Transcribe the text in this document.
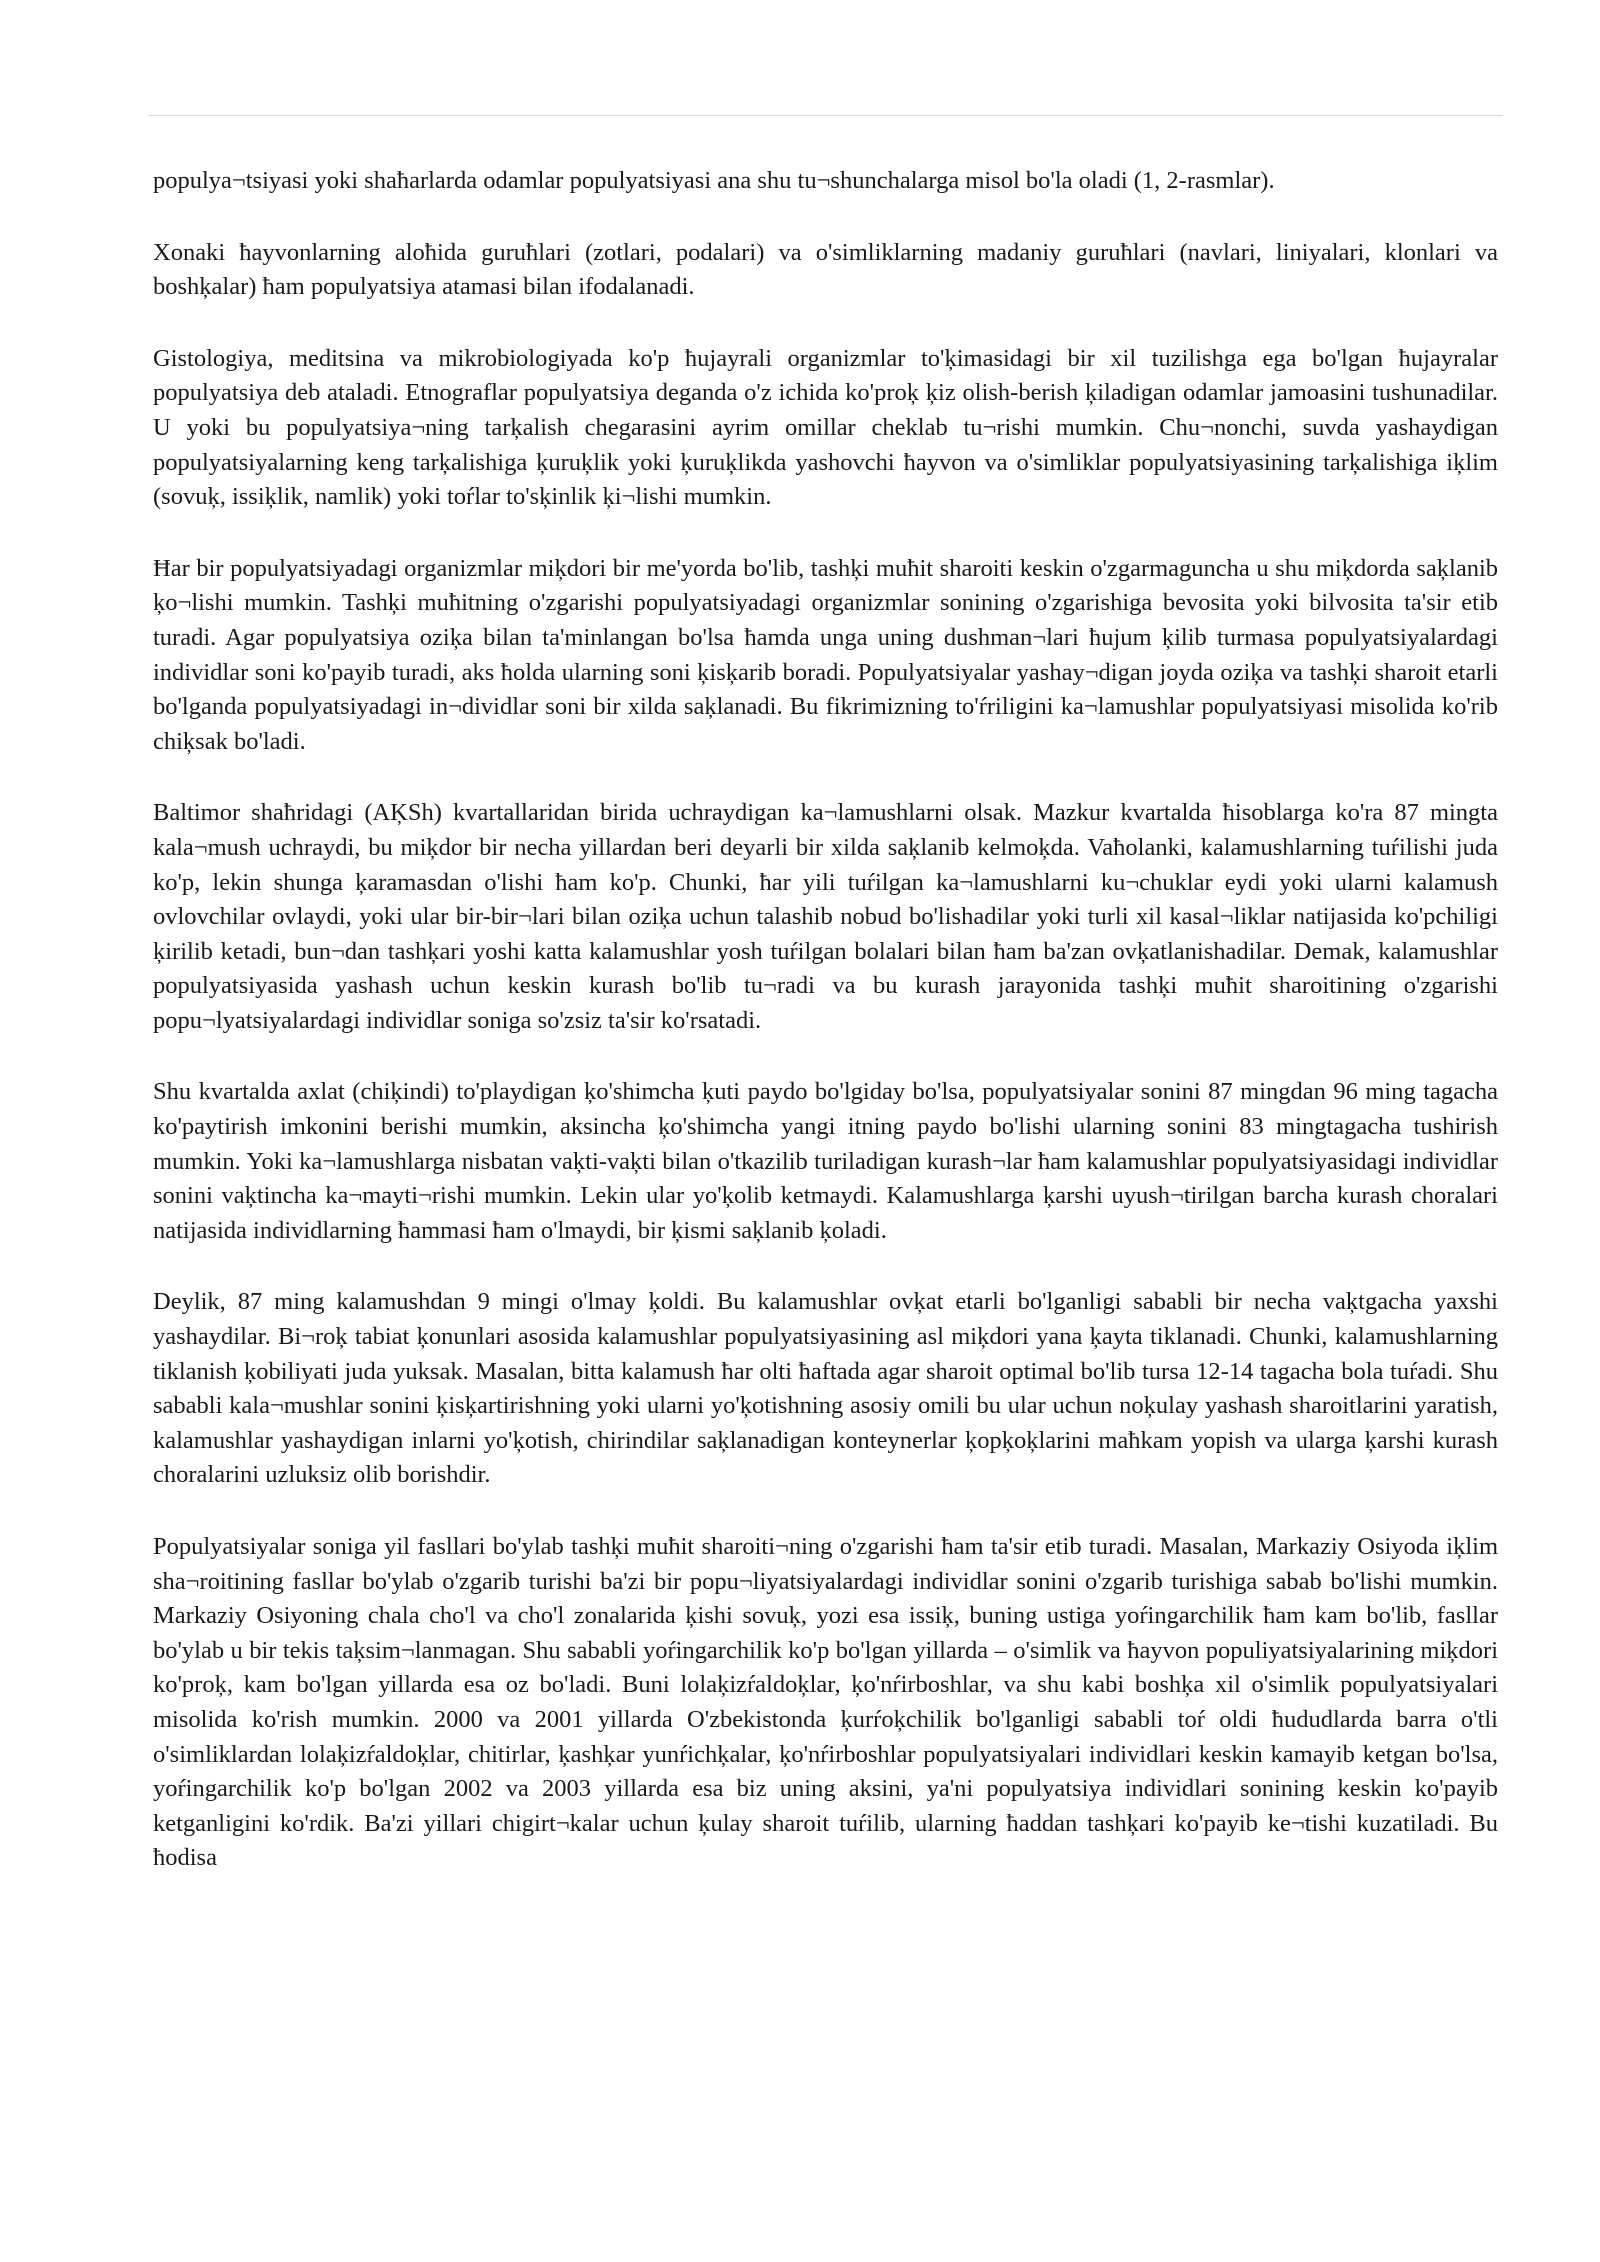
populya¬tsiyasi yoki shaħarlarda odamlar populyatsiyasi ana shu tu¬shunchalarga misol bo'la oladi (1, 2-rasmlar).

Xonaki ħayvonlarning aloħida guruħlari (zotlari, podalari) va o'simliklarning madaniy guruħlari (navlari, liniyalari, klonlari va boshķalar) ħam populyatsiya atamasi bilan ifodalanadi.

Gistologiya, meditsina va mikrobiologiyada ko'p ħujayrali organizmlar to'ķimasidagi bir xil tuzilishga ega bo'lgan ħujayralar populyatsiya deb ataladi. Etnograflar populyatsiya deganda o'z ichida ko'proķ ķiz olish-berish ķiladigan odamlar jamoasini tushunadilar. U yoki bu populyatsiya¬ning tarķalish chegarasini ayrim omillar cheklab tu¬rishi mumkin. Chu¬nonchi, suvda yashaydigan populyatsiyalarning keng tarķalishiga ķuruķlik yoki ķuruķlikda yashovchi ħayvon va o'simliklar populyatsiyasining tarķalishiga iķlim (sovuķ, issiķlik, namlik) yoki toŕlar to'sķinlik ķi¬lishi mumkin.

Ħar bir populyatsiyadagi organizmlar miķdori bir me'yorda bo'lib, tashķi muħit sharoiti keskin o'zgarmaguncha u shu miķdorda saķlanib ķo¬lishi mumkin. Tashķi muħitning o'zgarishi populyatsiyadagi organizmlar sonining o'zgarishiga bevosita yoki bilvosita ta'sir etib turadi. Agar populyatsiya oziķa bilan ta'minlangan bo'lsa ħamda unga uning dushman¬lari ħujum ķilib turmasa populyatsiyalardagi individlar soni ko'payib turadi, aks ħolda ularning soni ķisķarib boradi. Populyatsiyalar yashay¬digan joyda oziķa va tashķi sharoit etarli bo'lganda populyatsiyadagi in¬dividlar soni bir xilda saķlanadi. Bu fikrimizning to'ŕriligini ka¬lamushlar populyatsiyasi misolida ko'rib chiķsak bo'ladi.

Baltimor shaħridagi (AĶSh) kvartallaridan birida uchraydigan ka¬lamushlarni olsak. Mazkur kvartalda ħisoblarga ko'ra 87 mingta kala¬mush uchraydi, bu miķdor bir necha yillardan beri deyarli bir xilda saķlanib kelmoķda. Vaħolanki, kalamushlarning tuŕilishi juda ko'p, lekin shunga ķaramasdan o'lishi ħam ko'p. Chunki, ħar yili tuŕilgan ka¬lamushlarni ku¬chuklar eydi yoki ularni kalamush ovlovchilar ovlaydi, yoki ular bir-bir¬lari bilan oziķa uchun talashib nobud bo'lishadilar yoki turli xil kasal¬liklar natijasida ko'pchiligi ķirilib ketadi, bun¬dan tashķari yoshi katta kalamushlar yosh tuŕilgan bolalari bilan ħam ba'zan ovķatlanishadilar. Demak, kalamushlar populyatsiyasida yashash uchun keskin kurash bo'lib tu¬radi va bu kurash jarayonida tashķi muħit sharoitining o'zgarishi popu¬lyatsiyalardagi individlar soniga so'zsiz ta'sir ko'rsatadi.

Shu kvartalda axlat (chiķindi) to'playdigan ķo'shimcha ķuti paydo bo'lgiday bo'lsa, populyatsiyalar sonini 87 mingdan 96 ming tagacha ko'paytirish imkonini berishi mumkin, aksincha ķo'shimcha yangi itning paydo bo'lishi ularning sonini 83 mingtagacha tushirish mumkin. Yoki ka¬lamushlarga nisbatan vaķti-vaķti bilan o'tkazilib turiladigan kurash¬lar ħam kalamushlar populyatsiyasidagi individlar sonini vaķtincha ka¬mayti¬rishi mumkin. Lekin ular yo'ķolib ketmaydi. Kalamushlarga ķarshi uyush¬tirilgan barcha kurash choralari natijasida individlarning ħammasi ħam o'lmaydi, bir ķismi saķlanib ķoladi.

Deylik, 87 ming kalamushdan 9 mingi o'lmay ķoldi. Bu kalamushlar ovķat etarli bo'lganligi sababli bir necha vaķtgacha yaxshi yashaydilar. Bi¬roķ tabiat ķonunlari asosida kalamushlar populyatsiyasining asl miķdori yana ķayta tiklanadi. Chunki, kalamushlarning tiklanish ķobiliyati juda yuksak. Masalan, bitta kalamush ħar olti ħaftada agar sharoit optimal bo'lib tursa 12-14 tagacha bola tuŕadi. Shu sababli kala¬mushlar sonini ķisķartirishning yoki ularni yo'ķotishning asosiy omili bu ular uchun noķulay yashash sharoitlarini yaratish, kalamushlar yashaydigan inlarni yo'ķotish, chirindilar saķlanadigan konteynerlar ķopķoķlarini maħkam yopish va ularga ķarshi kurash choralarini uzluksiz olib borishdir.

Populyatsiyalar soniga yil fasllari bo'ylab tashķi muħit sharoiti¬ning o'zgarishi ħam ta'sir etib turadi. Masalan, Markaziy Osiyoda iķlim sha¬roitining fasllar bo'ylab o'zgarib turishi ba'zi bir popu¬liyatsiyalardagi individlar sonini o'zgarib turishiga sabab bo'lishi mumkin. Markaziy Osiyoning chala cho'l va cho'l zonalarida ķishi sovuķ, yozi esa issiķ, buning ustiga yoŕingarchilik ħam kam bo'lib, fasllar bo'ylab u bir tekis taķsim¬lanmagan. Shu sababli yoŕingarchilik ko'p bo'lgan yillarda – o'simlik va ħayvon populiyatsiyalarining miķdori ko'proķ, kam bo'lgan yillarda esa oz bo'ladi. Buni lolaķizŕaldoķlar, ķo'nŕirboshlar, va shu kabi boshķa xil o'simlik populyatsiyalari misolida ko'rish mumkin. 2000 va 2001 yillarda O'zbekistonda ķurŕoķchilik bo'lganligi sababli toŕ oldi ħududlarda barra o'tli o'simliklardan lolaķizŕaldoķlar, chitirlar, ķashķar yunŕichķalar, ķo'nŕirboshlar populyatsiyalari individlari keskin kamayib ketgan bo'lsa, yoŕingarchilik ko'p bo'lgan 2002 va 2003 yillarda esa biz uning aksini, ya'ni populyatsiya individlari sonining keskin ko'payib ketganligini ko'rdik. Ba'zi yillari chigirt¬kalar uchun ķulay sharoit tuŕilib, ularning ħaddan tashķari ko'payib ke¬tishi kuzatiladi. Bu ħodisa
